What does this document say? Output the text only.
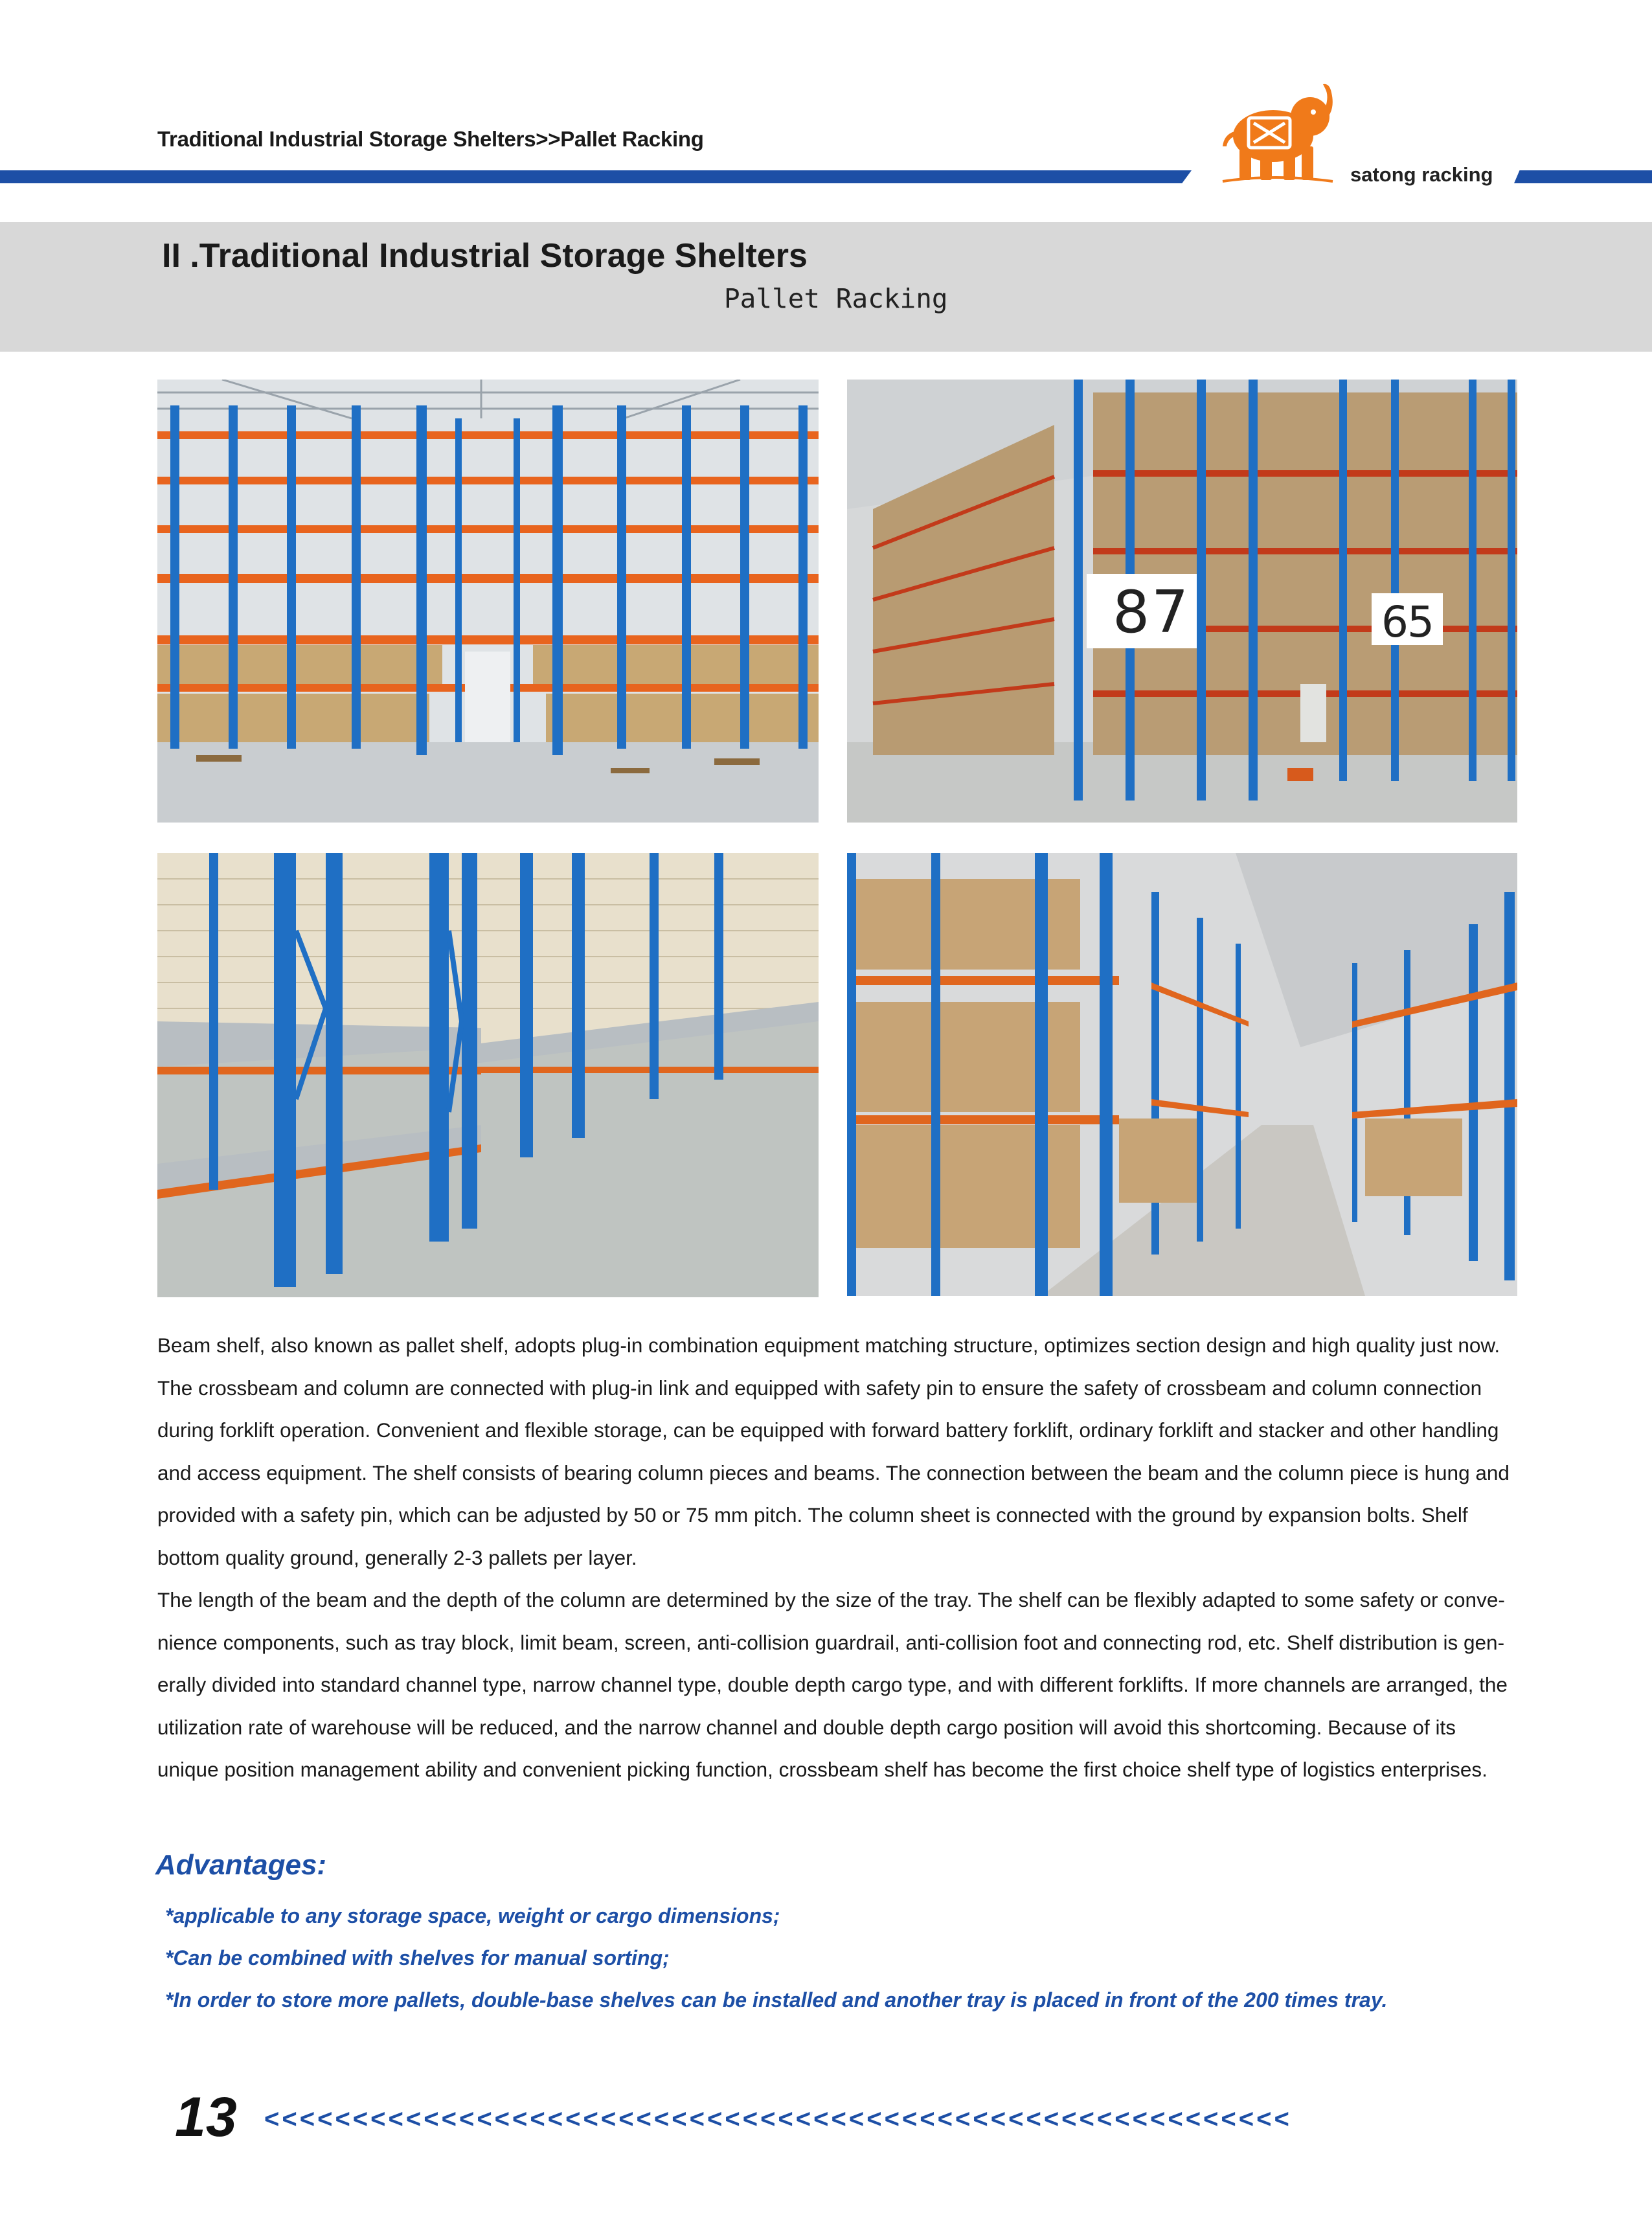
Traditional Industrial Storage Shelters>>Pallet Racking
satong racking
II .Traditional Industrial Storage Shelters
Pallet Racking
8 7	6
5
Beam shelf, also known as pallet shelf, adopts plug-in combination equipment matching structure, optimizes section design and high quality just now.
The crossbeam and column are connected with plug-in link and equipped with safety pin to ensure the safety of crossbeam and column connection
during forklift operation. Convenient and flexible storage, can be equipped with forward battery forklift, ordinary forklift and stacker and other handling
and access equipment. The shelf consists of bearing column pieces and beams. The connection between the beam and the column piece is hung and
provided with a safety pin, which can be adjusted by 50 or 75 mm pitch. The column sheet is connected with the ground by expansion bolts. Shelf
bottom quality ground, generally 2-3 pallets per layer.
The length of the beam and the depth of the column are determined by the size of the tray. The shelf can be flexibly adapted to some safety or conve-
nience components, such as tray block, limit beam, screen, anti-collision guardrail, anti-collision foot and connecting rod, etc. Shelf distribution is gen-
erally divided into standard channel type, narrow channel type, double depth cargo type, and with different forklifts. If more channels are arranged, the
utilization rate of warehouse will be reduced, and the narrow channel and double depth cargo position will avoid this shortcoming. Because of its
unique position management ability and convenient picking function, crossbeam shelf has become the first choice shelf type of logistics enterprises.
Advantages:
*applicable to any storage space, weight or cargo dimensions;
*Can be combined with shelves for manual sorting;
*In order to store more pallets, double-base shelves can be installed and another tray is placed in front of the 200 times tray.
13 <<<<<<<<<<<<<<<<<<<<<<<<<<<<<<<<<<<<<<<<<<<<<<<<<<<<<<<<<<
